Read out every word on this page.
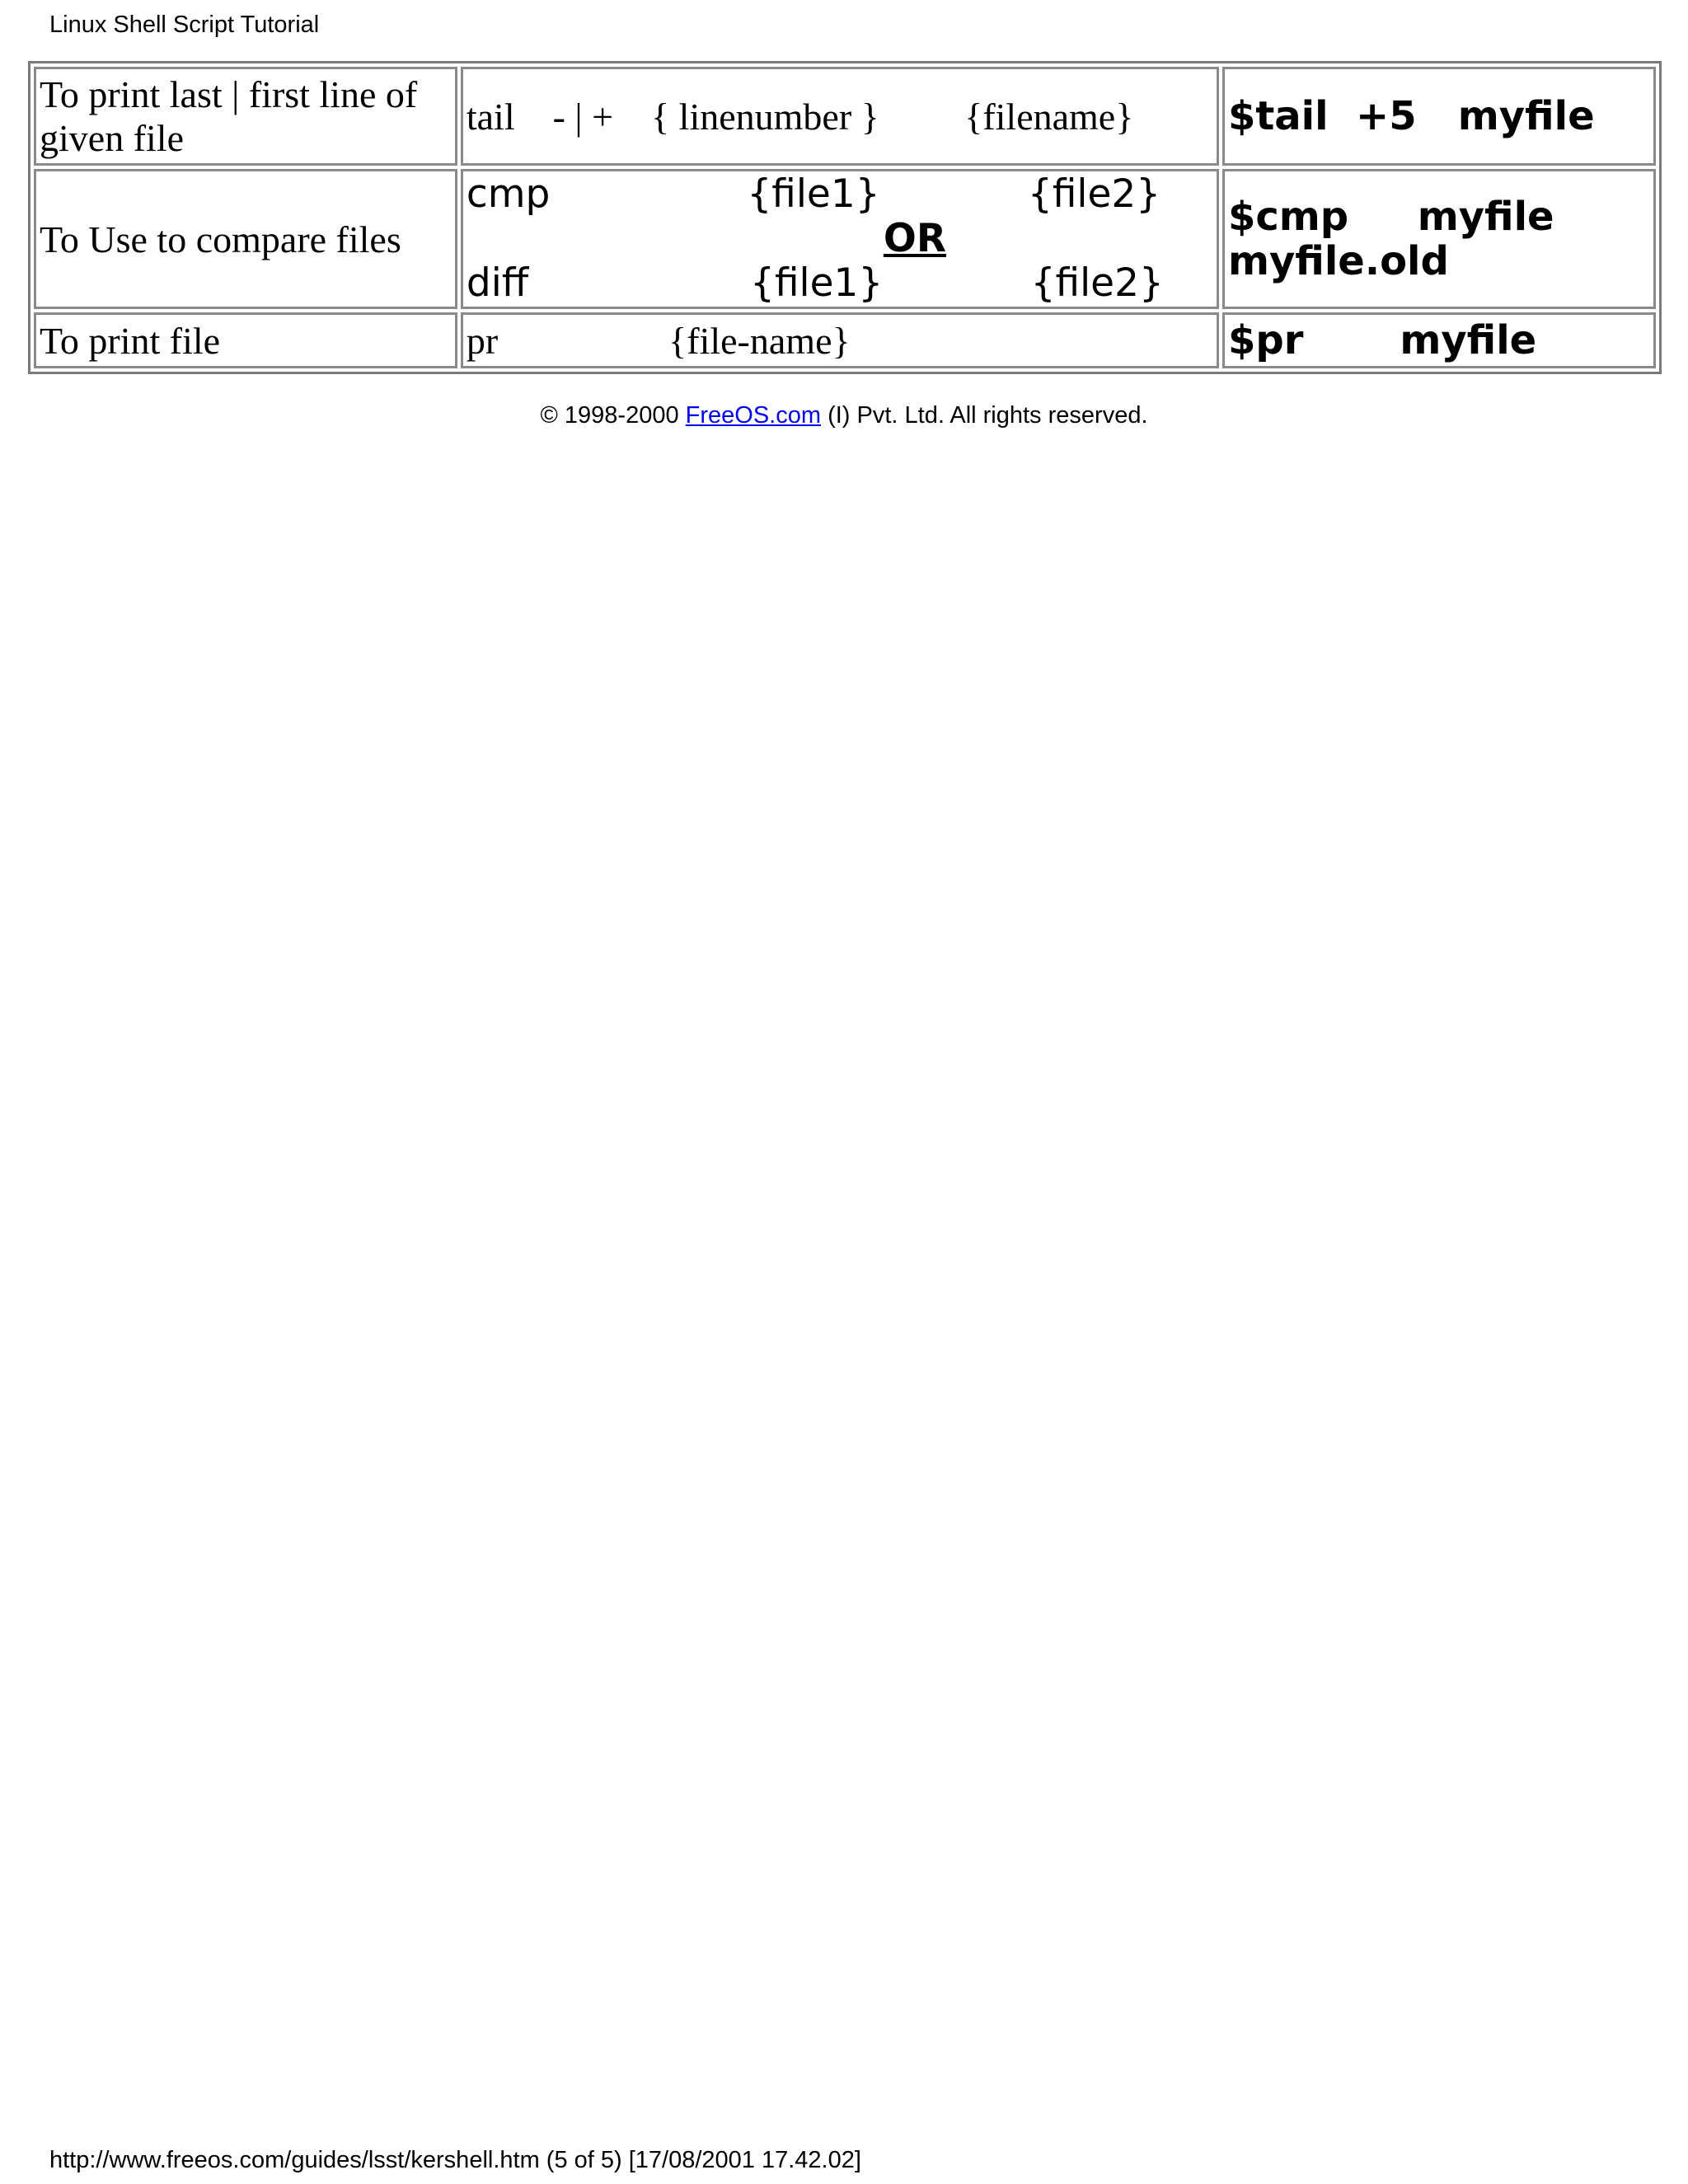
Linux Shell Script Tutorial
To print last | first line of given file	tail    - | +    { linenumber }         {filename}	$tail  +5   myfile

To Use to compare files	cmp                {file1}            {file2}
OR
diff                  {file1}            {file2}	$cmp     myfile myfile.old

To print file	pr                  {file-name}	$pr       myfile
© 1998-2000 FreeOS.com (I) Pvt. Ltd. All rights reserved.
http://www.freeos.com/guides/lsst/kershell.htm (5 of 5) [17/08/2001 17.42.02]
